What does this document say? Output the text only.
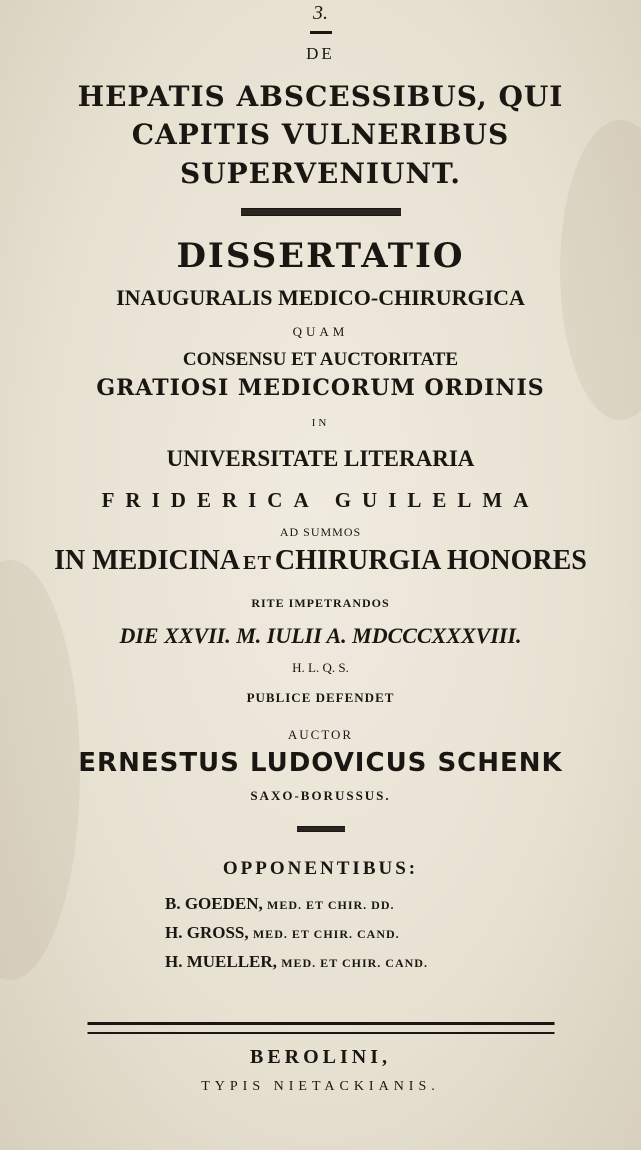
3.
DE
HEPATIS ABSCESSIBUS, QUI
CAPITIS VULNERIBUS
SUPERVENIUNT.
DISSERTATIO
INAUGURALIS MEDICO-CHIRURGICA
QUAM
CONSENSU ET AUCTORITATE
GRATIOSI MEDICORUM ORDINIS
IN
UNIVERSITATE LITERARIA
FRIDERICA GUILELMA
AD SUMMOS
IN MEDICINA ET CHIRURGIA HONORES
RITE IMPETRANDOS
DIE XXVII. M. IULII A. MDCCCXXXVIII.
H. L. Q. S.
PUBLICE DEFENDET
AUCTOR
ERNESTUS LUDOVICUS SCHENK
SAXO-BORUSSUS.
OPPONENTIBUS:
B. GOEDEN, MED. ET CHIR. DD.
H. GROSS, MED. ET CHIR. CAND.
H. MUELLER, MED. ET CHIR. CAND.
BEROLINI,
TYPIS NIETACKIANIS.
